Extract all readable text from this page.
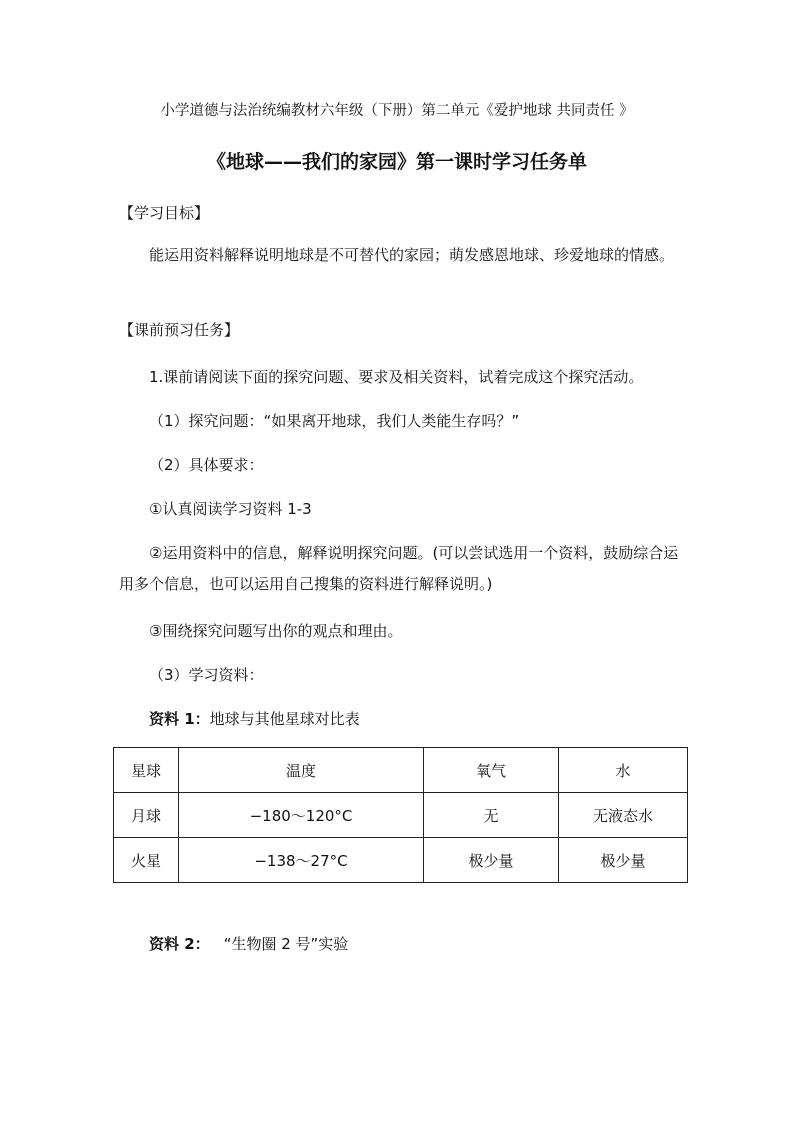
小学道德与法治统编教材六年级（下册）第二单元《爱护地球 共同责任 》
《地球——我们的家园》第一课时学习任务单
【学习目标】
能运用资料解释说明地球是不可替代的家园；萌发感恩地球、珍爱地球的情感。
【课前预习任务】
1.课前请阅读下面的探究问题、要求及相关资料，试着完成这个探究活动。
（1）探究问题：“如果离开地球，我们人类能生存吗？”
（2）具体要求：
①认真阅读学习资料 1-3
②运用资料中的信息，解释说明探究问题。(可以尝试选用一个资料，鼓励综合运用多个信息，也可以运用自己搜集的资料进行解释说明。)
③围绕探究问题写出你的观点和理由。
（3）学习资料：
资料 1：地球与其他星球对比表
星球	温度	氧气	水
月球	−180～120°C	无	无液态水
火星	−138～27°C	极少量	极少量
资料 2： “生物圈 2 号”实验
